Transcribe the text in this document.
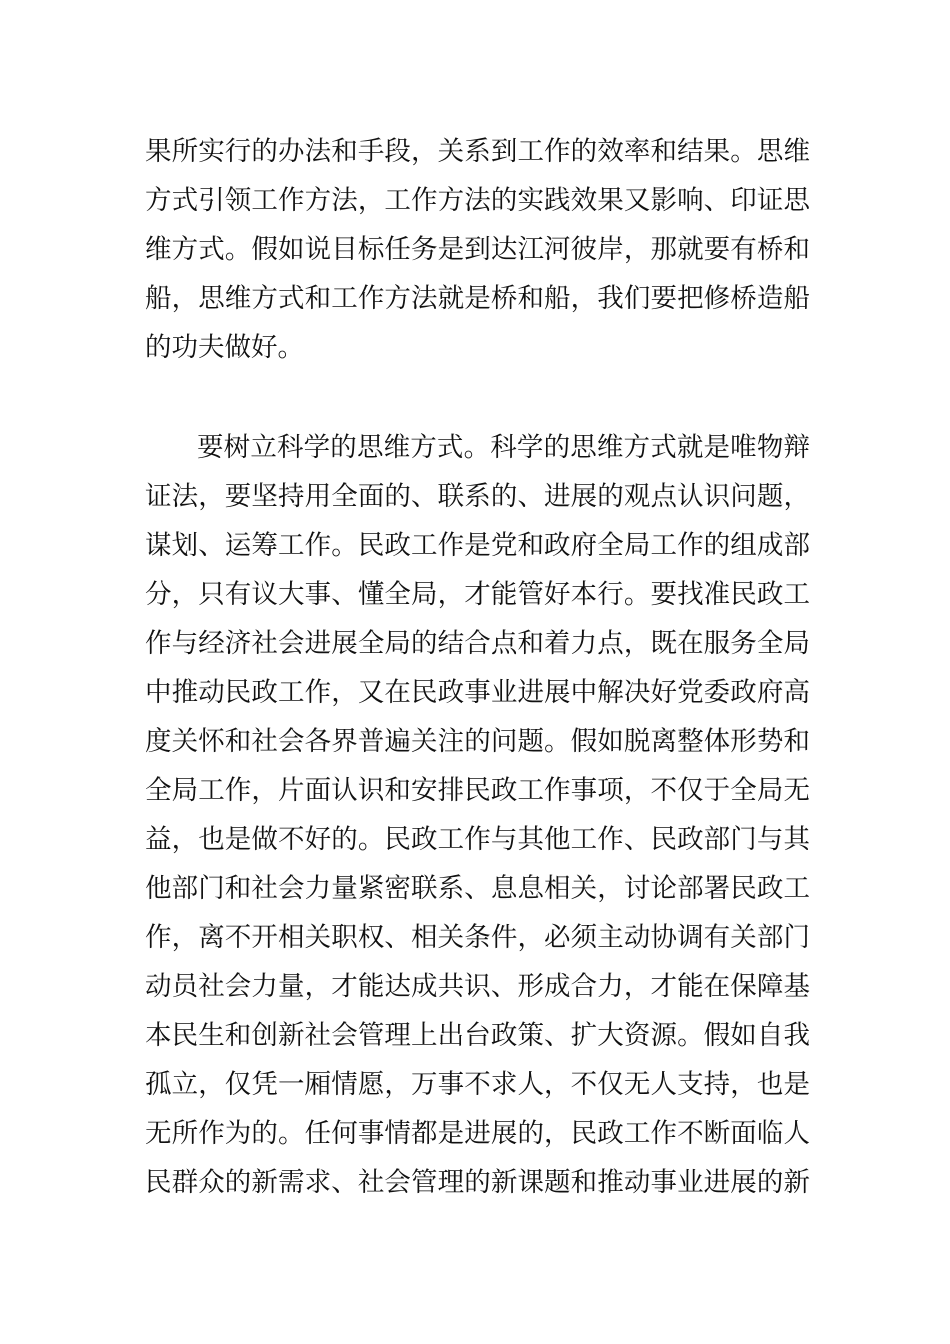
果所实行的办法和手段，关系到工作的效率和结果。思维
方式引领工作方法，工作方法的实践效果又影响、印证思
维方式。假如说目标任务是到达江河彼岸，那就要有桥和
船，思维方式和工作方法就是桥和船，我们要把修桥造船
的功夫做好。
要树立科学的思维方式。科学的思维方式就是唯物辩
证法，要坚持用全面的、联系的、进展的观点认识问题，
谋划、运筹工作。民政工作是党和政府全局工作的组成部
分，只有议大事、懂全局，才能管好本行。要找准民政工
作与经济社会进展全局的结合点和着力点，既在服务全局
中推动民政工作，又在民政事业进展中解决好党委政府高
度关怀和社会各界普遍关注的问题。假如脱离整体形势和
全局工作，片面认识和安排民政工作事项，不仅于全局无
益，也是做不好的。民政工作与其他工作、民政部门与其
他部门和社会力量紧密联系、息息相关，讨论部署民政工
作，离不开相关职权、相关条件，必须主动协调有关部门
动员社会力量，才能达成共识、形成合力，才能在保障基
本民生和创新社会管理上出台政策、扩大资源。假如自我
孤立，仅凭一厢情愿，万事不求人，不仅无人支持，也是
无所作为的。任何事情都是进展的，民政工作不断面临人
民群众的新需求、社会管理的新课题和推动事业进展的新
